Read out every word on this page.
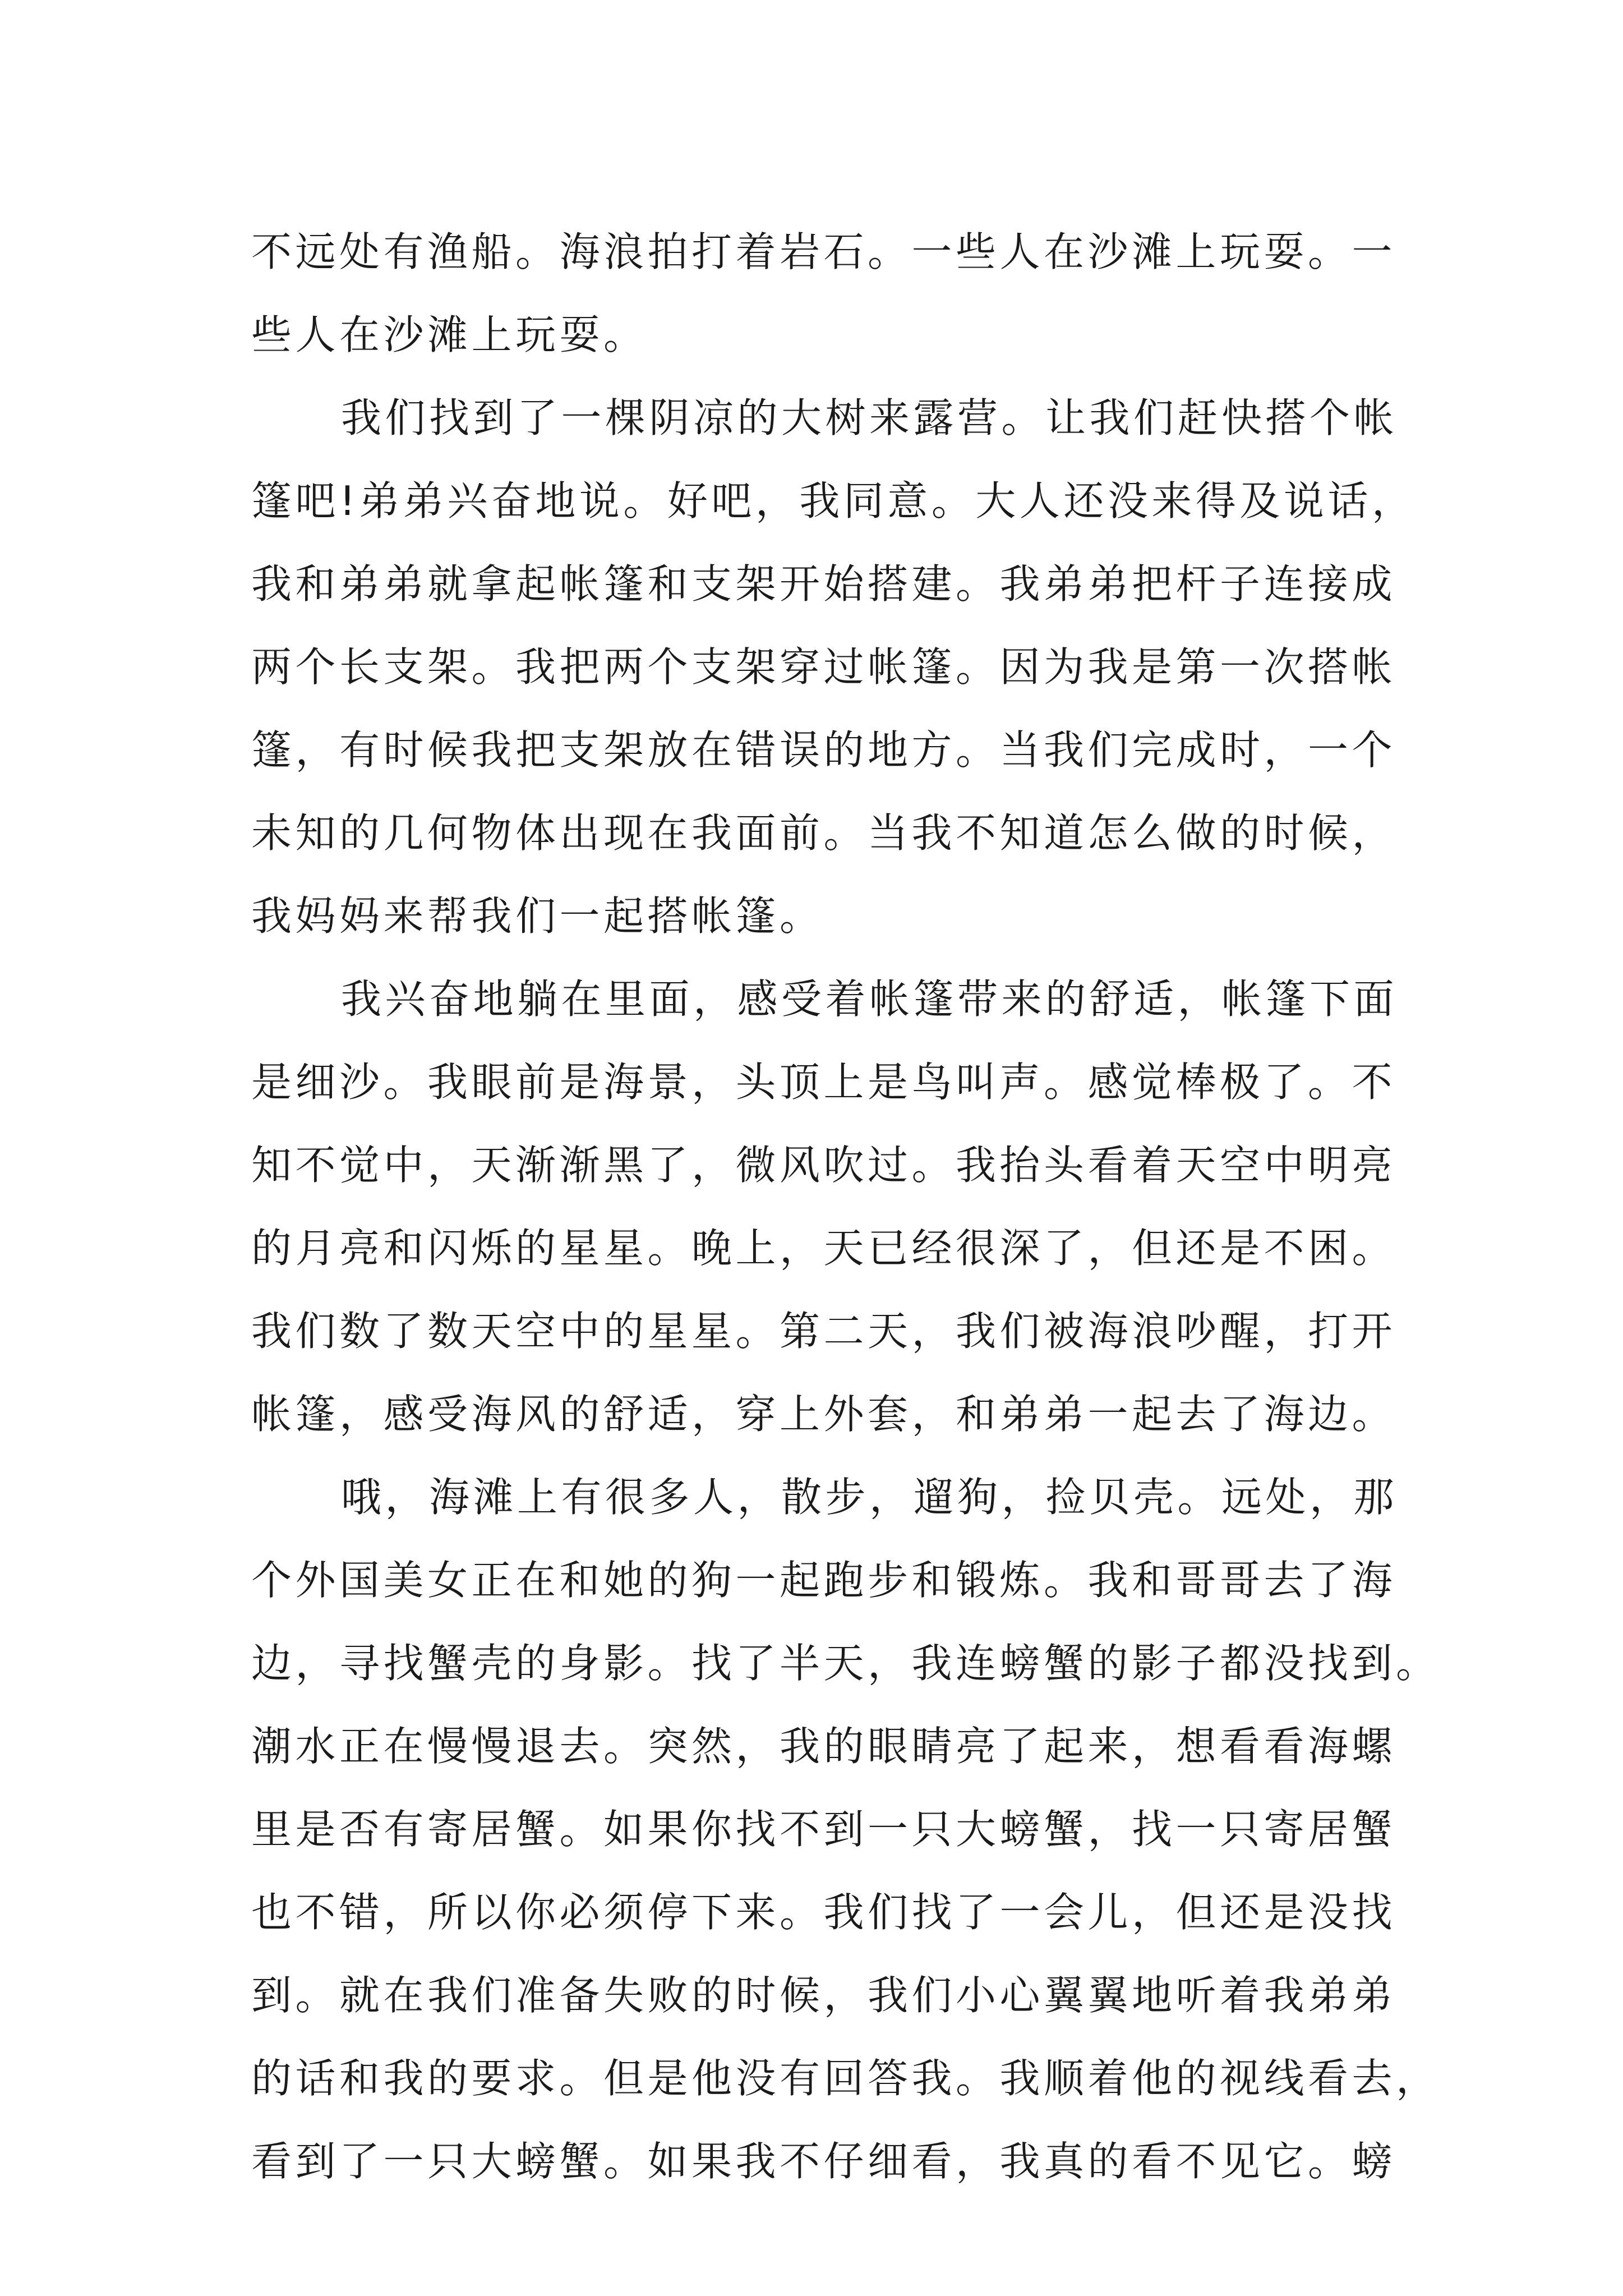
不远处有渔船。海浪拍打着岩石。一些人在沙滩上玩耍。一
些人在沙滩上玩耍。
我们找到了一棵阴凉的大树来露营。让我们赶快搭个帐
篷吧!弟弟兴奋地说。好吧，我同意。大人还没来得及说话，
我和弟弟就拿起帐篷和支架开始搭建。我弟弟把杆子连接成
两个长支架。我把两个支架穿过帐篷。因为我是第一次搭帐
篷，有时候我把支架放在错误的地方。当我们完成时，一个
未知的几何物体出现在我面前。当我不知道怎么做的时候，
我妈妈来帮我们一起搭帐篷。
我兴奋地躺在里面，感受着帐篷带来的舒适，帐篷下面
是细沙。我眼前是海景，头顶上是鸟叫声。感觉棒极了。不
知不觉中，天渐渐黑了，微风吹过。我抬头看着天空中明亮
的月亮和闪烁的星星。晚上，天已经很深了，但还是不困。
我们数了数天空中的星星。第二天，我们被海浪吵醒，打开
帐篷，感受海风的舒适，穿上外套，和弟弟一起去了海边。
哦，海滩上有很多人，散步，遛狗，捡贝壳。远处，那
个外国美女正在和她的狗一起跑步和锻炼。我和哥哥去了海
边，寻找蟹壳的身影。找了半天，我连螃蟹的影子都没找到。
潮水正在慢慢退去。突然，我的眼睛亮了起来，想看看海螺
里是否有寄居蟹。如果你找不到一只大螃蟹，找一只寄居蟹
也不错，所以你必须停下来。我们找了一会儿，但还是没找
到。就在我们准备失败的时候，我们小心翼翼地听着我弟弟
的话和我的要求。但是他没有回答我。我顺着他的视线看去，
看到了一只大螃蟹。如果我不仔细看，我真的看不见它。螃
